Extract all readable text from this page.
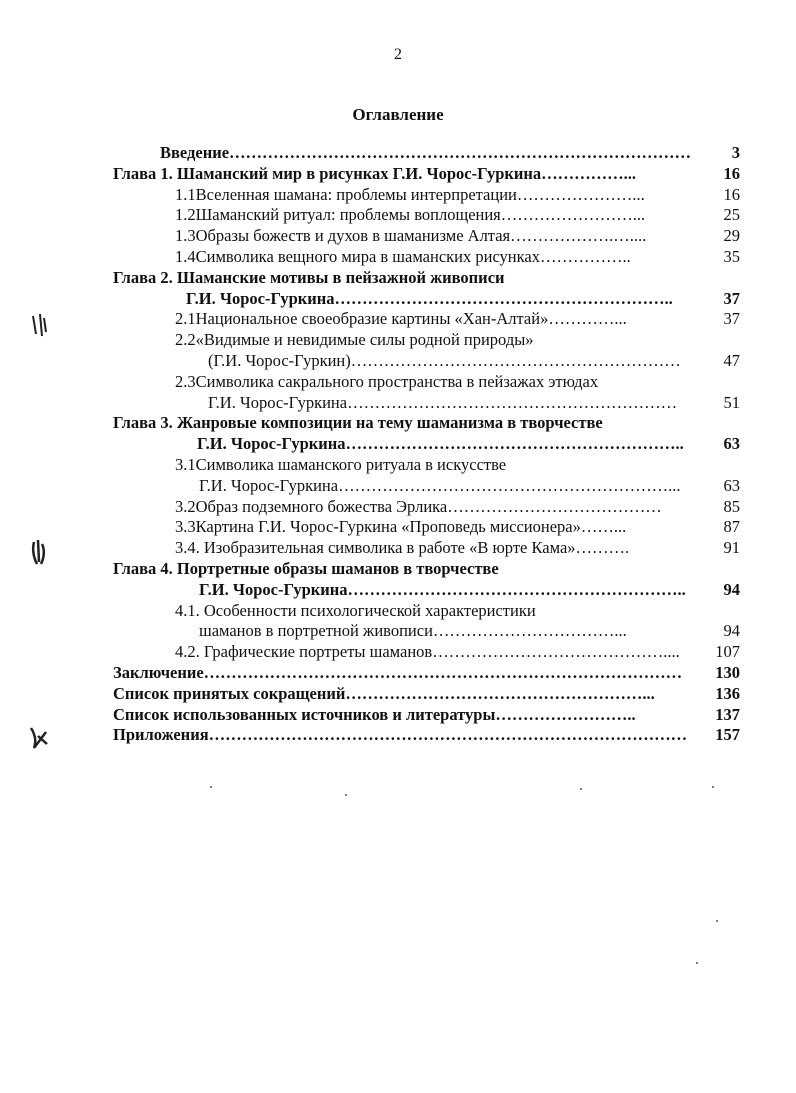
2
Оглавление
Введение…………………………………………………………………………	3
Глава 1. Шаманский мир в рисунках Г.И. Чорос-Гуркина……………...	16
1.1Вселенная шамана: проблемы интерпретации…………………...	16
1.2Шаманский ритуал: проблемы воплощения……………………...	25
1.3Образы божеств и духов в шаманизме Алтая……………….…....	29
1.4Символика вещного мира в шаманских рисунках……………..	35
Глава 2. Шаманские мотивы в пейзажной живописи
Г.И. Чорос-Гуркина……………………………………………………..	37
2.1Национальное своеобразие картины «Хан-Алтай»…………...	37
2.2«Видимые и невидимые силы родной природы»
(Г.И. Чорос-Гуркин)……………………………………………………	47
2.3Символика сакрального пространства в пейзажах этюдах
Г.И. Чорос-Гуркина……………………………………………………	51
Глава 3. Жанровые композиции на тему шаманизма в творчестве
Г.И. Чорос-Гуркина……………………………………………………..	63
3.1Символика шаманского ритуала в искусстве
Г.И. Чорос-Гуркина……………………………………………………...	63
3.2Образ подземного божества Эрлика…………………………………	85
3.3Картина Г.И. Чорос-Гуркина «Проповедь миссионера»……...	87
3.4. Изобразительная символика в работе «В юрте Кама»……….	91
Глава 4. Портретные образы шаманов в творчестве
Г.И. Чорос-Гуркина……………………………………………………..	94
4.1. Особенности психологической характеристики
шаманов в портретной живописи……………………………...	94
4.2. Графические портреты шаманов……………………………………....	107
Заключение……………………………………………………………………………	130
Список принятых сокращений………………………………………………...	136
Список использованных источников и литературы……………………..	137
Приложения……………………………………………………………………………	157
